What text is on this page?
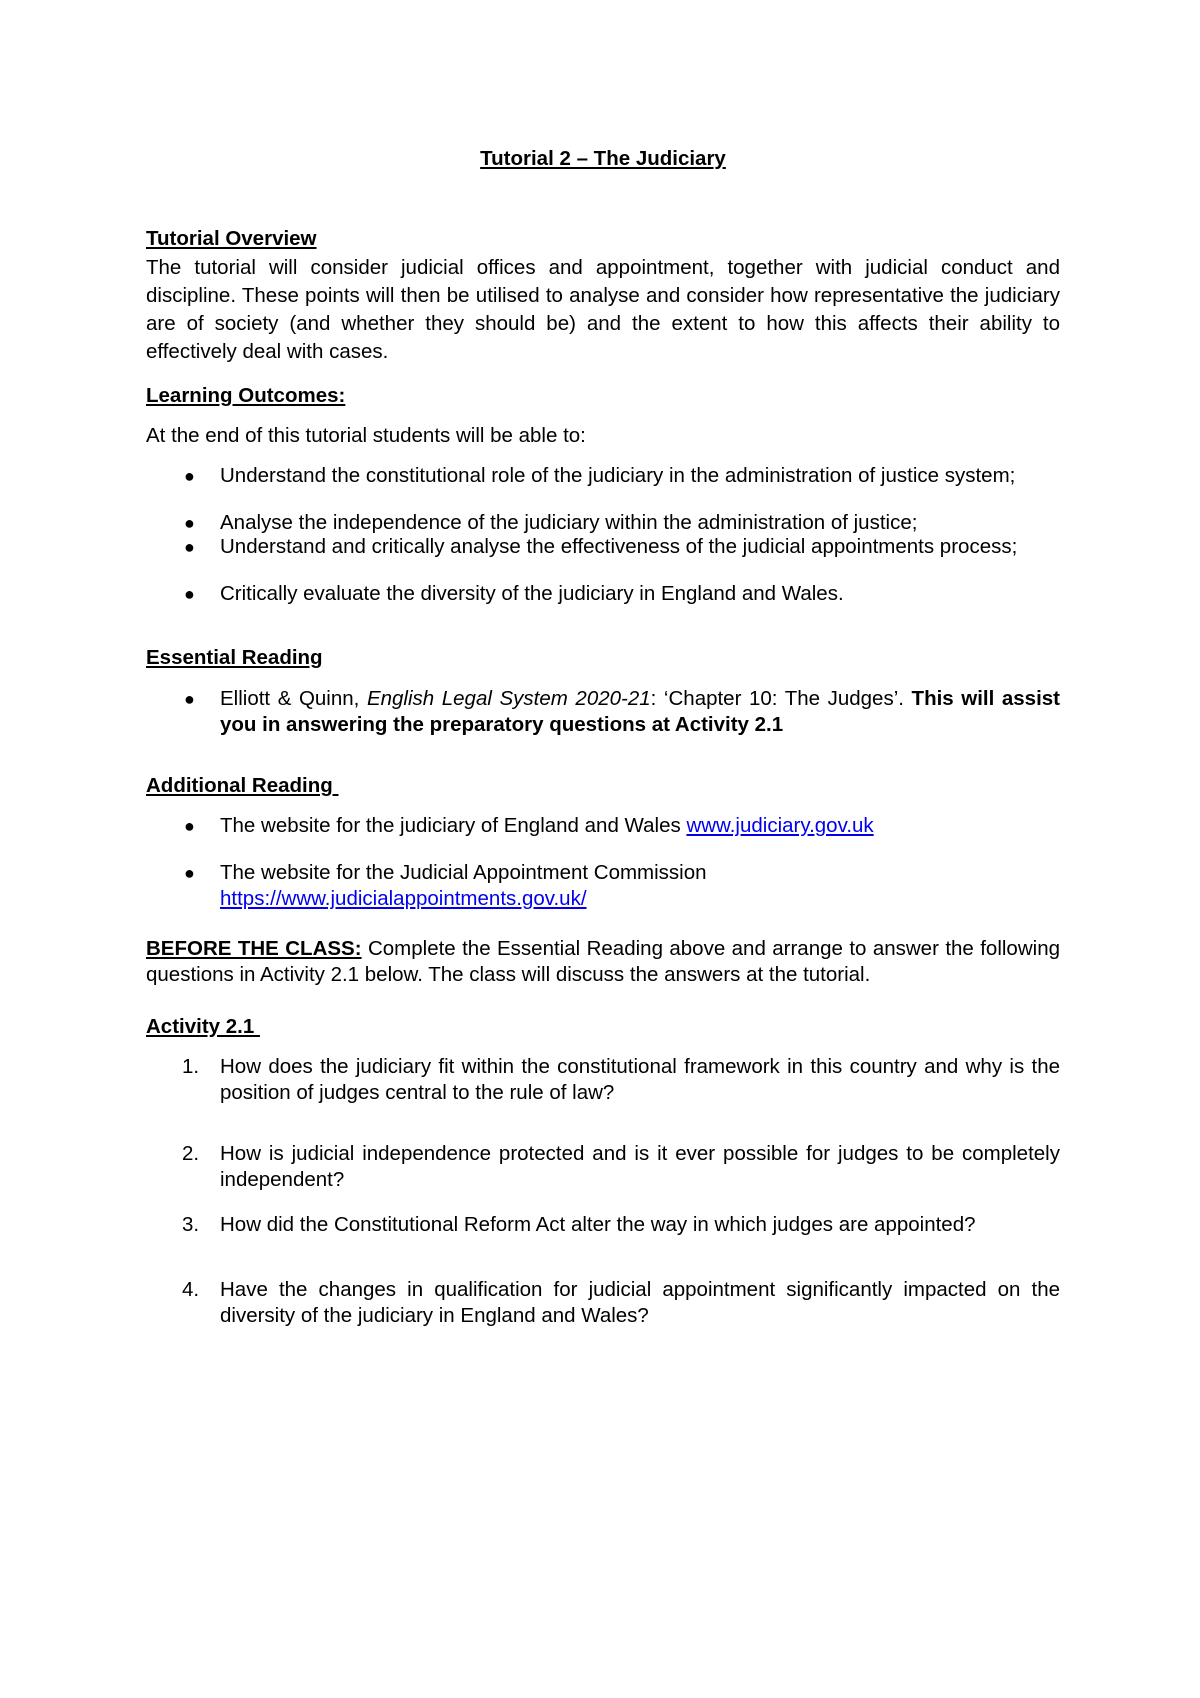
Tutorial 2 – The Judiciary
Tutorial Overview
The tutorial will consider judicial offices and appointment, together with judicial conduct and discipline. These points will then be utilised to analyse and consider how representative the judiciary are of society (and whether they should be) and the extent to how this affects their ability to effectively deal with cases.
Learning Outcomes:
At the end of this tutorial students will be able to:
● Understand the constitutional role of the judiciary in the administration of justice system;
● Analyse the independence of the judiciary within the administration of justice;
● Understand and critically analyse the effectiveness of the judicial appointments process;
● Critically evaluate the diversity of the judiciary in England and Wales.
Essential Reading
● Elliott & Quinn, English Legal System 2020-21: ‘Chapter 10: The Judges’. This will assist you in answering the preparatory questions at Activity 2.1
Additional Reading
● The website for the judiciary of England and Wales www.judiciary.gov.uk
● The website for the Judicial Appointment Commission
https://www.judicialappointments.gov.uk/
BEFORE THE CLASS: Complete the Essential Reading above and arrange to answer the following questions in Activity 2.1 below. The class will discuss the answers at the tutorial.
Activity 2.1
1. How does the judiciary fit within the constitutional framework in this country and why is the position of judges central to the rule of law?
2. How is judicial independence protected and is it ever possible for judges to be completely independent?
3. How did the Constitutional Reform Act alter the way in which judges are appointed?
4. Have the changes in qualification for judicial appointment significantly impacted on the diversity of the judiciary in England and Wales?
